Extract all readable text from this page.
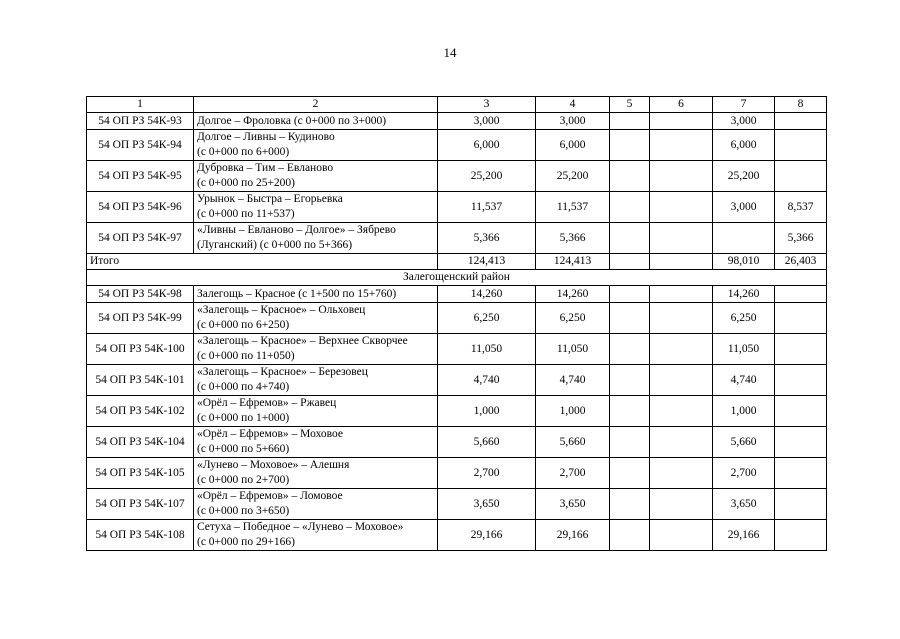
14
1	2	3	4	5	6	7	8
54 ОП РЗ 54К-93	Долгое – Фроловка (с 0+000 по 3+000)	3,000	3,000			3,000	
54 ОП РЗ 54К-94	Долгое – Ливны – Кудиново
(с 0+000 по 6+000)	6,000	6,000			6,000	
54 ОП РЗ 54К-95	Дубровка – Тим – Евланово
(с 0+000 по 25+200)	25,200	25,200			25,200	
54 ОП РЗ 54К-96	Урынок – Быстра – Егорьевка
(с 0+000 по 11+537)	11,537	11,537			3,000	8,537
54 ОП РЗ 54К-97	«Ливны – Евланово – Долгое» – Зябрево
(Луганский) (с 0+000 по 5+366)	5,366	5,366				5,366
Итого		124,413	124,413			98,010	26,403
Залегощенский район							
54 ОП РЗ 54К-98	Залегощь – Красное (с 1+500 по 15+760)	14,260	14,260			14,260	
54 ОП РЗ 54К-99	«Залегощь – Красное» – Ольховец
(с 0+000 по 6+250)	6,250	6,250			6,250	
54 ОП РЗ 54К-100	«Залегощь – Красное» – Верхнее Скворчее
(с 0+000 по 11+050)	11,050	11,050			11,050	
54 ОП РЗ 54К-101	«Залегощь – Красное» – Березовец
(с 0+000 по 4+740)	4,740	4,740			4,740	
54 ОП РЗ 54К-102	«Орёл – Ефремов» – Ржавец
(с 0+000 по 1+000)	1,000	1,000			1,000	
54 ОП РЗ 54К-104	«Орёл – Ефремов» – Моховое
(с 0+000 по 5+660)	5,660	5,660			5,660	
54 ОП РЗ 54К-105	«Лунево – Моховое» – Алешня
(с 0+000 по 2+700)	2,700	2,700			2,700	
54 ОП РЗ 54К-107	«Орёл – Ефремов» – Ломовое
(с 0+000 по 3+650)	3,650	3,650			3,650	
54 ОП РЗ 54К-108	Сетуха – Победное – «Лунево – Моховое»
(с 0+000 по 29+166)	29,166	29,166			29,166	
